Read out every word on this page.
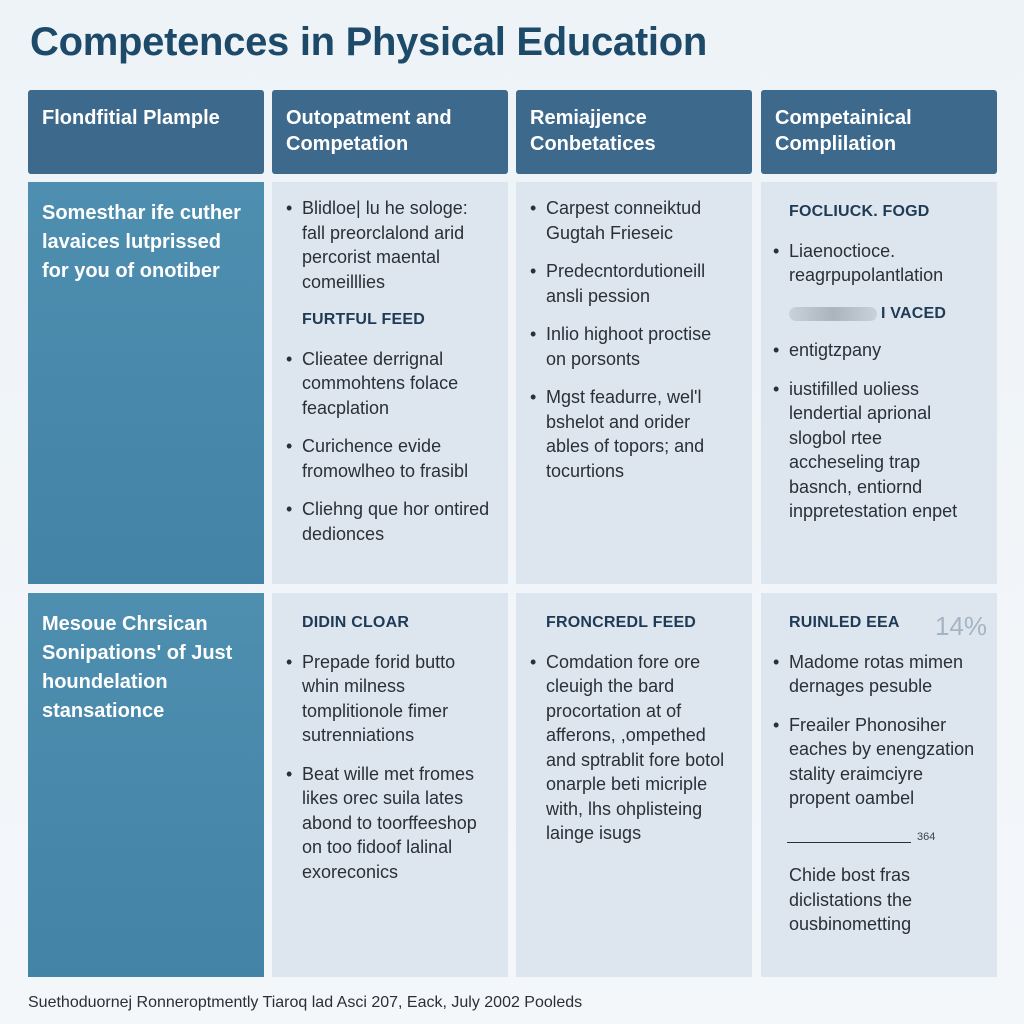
Competences in Physical Education
Flondfitial Plample	Outopatment and Competation
Remiajjence Conbetatices
Competainical Complilation

Somesthar ife cuther lavaices lutprissed for you of onotiber

• Blidloe| lu he sologe: fall preorclalond arid percorist maental comeilllies
FURTFUL FEED
• Clieatee derrignal commohtens folace feacplation
• Curichence evide fromowlheo to frasibl
• Cliehng que hor ontired dedionces
• Carpest conneiktud Gugtah Frieseic
• Predecntordutioneill ansli pession
• Inlio highoot proctise on porsonts
• Mgst feadurre, wel'l bshelot and orider ables of topors; and tocurtions
FOCLIUCK. FOGD
• Liaenoctioce. reagrpupolantlation
I VACED
• entigtzpany
• iustifilled uoliess lendertial aprional slogbol rtee accheseling trap basnch, entiornd inppretestation enpet

Mesoue Chrsican Sonipations' of Just houndelation stansationce

DIDIN CLOAR
• Prepade forid butto whin milness tomplitionole fimer sutrenniations
• Beat wille met fromes likes orec suila lates abond to toorffeeshop on too fidoof lalinal exoreconics
FRONCREDL FEED
• Comdation fore ore cleuigh the bard procortation at of afferons, ,ompethed and sptrablit fore botol onarple beti micriple with, lhs ohplisteing lainge isugs
14%
RUINLED EEA
• Madome rotas mimen dernages pesuble
• Freailer Phonosiher eaches by enengzation stality eraimciyre propent oambel
364
Chide bost fras diclistations the ousbinometting
Suethoduornej Ronneroptmently Tiaroq lad Asci 207, Eack, July 2002 Pooleds
